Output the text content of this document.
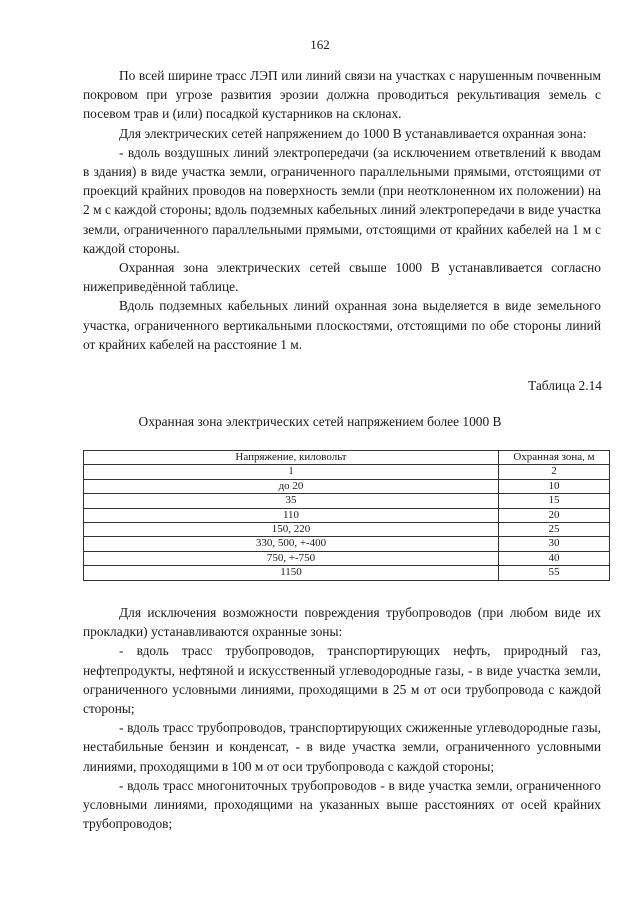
162

По всей ширине трасс ЛЭП или линий связи на участках с нарушенным почвенным покровом при угрозе развития эрозии должна проводиться рекультивация земель с посевом трав и (или) посадкой кустарников на склонах.

Для электрических сетей напряжением до 1000 В устанавливается охранная зона:

- вдоль воздушных линий электропередачи (за исключением ответвлений к вводам в здания) в виде участка земли, ограниченного параллельными прямыми, отстоящими от проекций крайних проводов на поверхность земли (при неотклоненном их положении) на 2 м с каждой стороны; вдоль подземных кабельных линий электропередачи в виде участка земли, ограниченного параллельными прямыми, отстоящими от крайних кабелей на 1 м с каждой стороны.

Охранная зона электрических сетей свыше 1000 В устанавливается согласно нижеприведённой таблице.

Вдоль подземных кабельных линий охранная зона выделяется в виде земельного участка, ограниченного вертикальными плоскостями, отстоящими по обе стороны линий от крайних кабелей на расстояние 1 м.

Таблица 2.14
Охранная зона электрических сетей напряжением более 1000 В
Напряжение, киловольт	Охранная зона, м
1	2
до 20	10
35	15
110	20
150, 220	25
330, 500, +-400	30
750, +-750	40
1150	55

Для исключения возможности повреждения трубопроводов (при любом виде их прокладки) устанавливаются охранные зоны:

- вдоль трасс трубопроводов, транспортирующих нефть, природный газ, нефтепродукты, нефтяной и искусственный углеводородные газы, - в виде участка земли, ограниченного условными линиями, проходящими в 25 м от оси трубопровода с каждой стороны;

- вдоль трасс трубопроводов, транспортирующих сжиженные углеводородные газы, нестабильные бензин и конденсат, - в виде участка земли, ограниченного условными линиями, проходящими в 100 м от оси трубопровода с каждой стороны;

- вдоль трасс многониточных трубопроводов - в виде участка земли, ограниченного условными линиями, проходящими на указанных выше расстояниях от осей крайних трубопроводов;
